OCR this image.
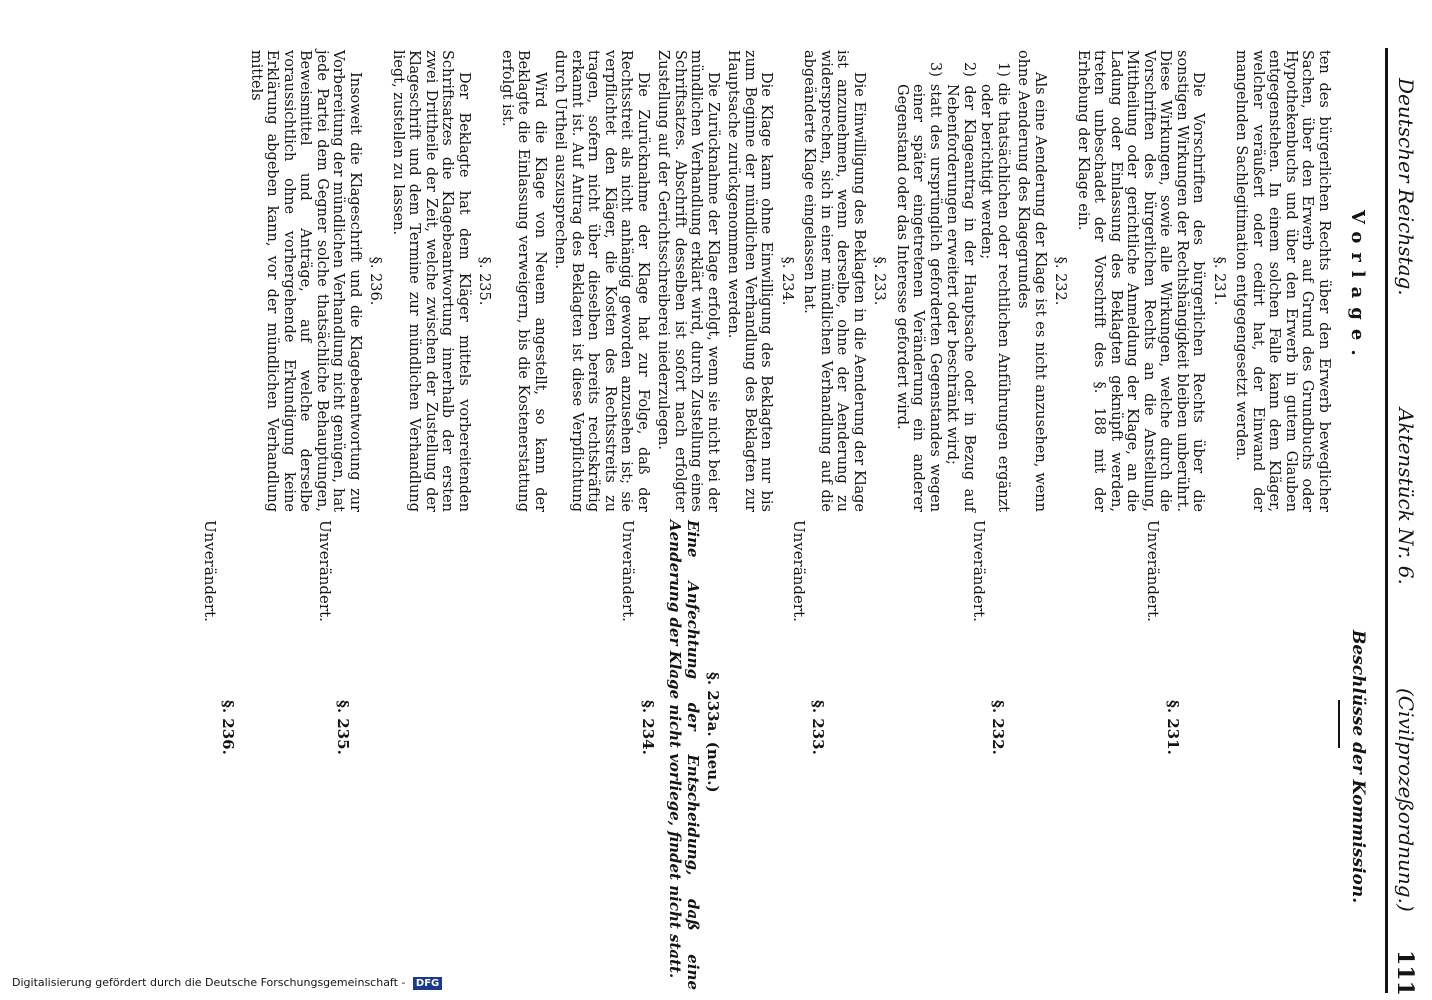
Deutscher Reichstag.
Aktenstück Nr. 6.
(Civilprozeßordnung.)
111
Vorlage.

ten des bürgerlichen Rechts über den Erwerb beweglicher Sachen, über den Erwerb auf Grund des Grundbuchs oder Hypothekenbuchs und über den Erwerb in gutem Glauben entgegenstehen. In einem solchen Falle kann dem Kläger, welcher veräußert oder cedirt hat, der Einwand der mangelnden Sachlegitimation entgegengesetzt werden.

§. 231.

Die Vorschriften des bürgerlichen Rechts über die sonstigen Wirkungen der Rechtshängigkeit bleiben unberührt. Diese Wirkungen, sowie alle Wirkungen, welche durch die Vorschriften des bürgerlichen Rechts an die Anstellung, Mittheilung oder gerichtliche Anmeldung der Klage, an die Ladung oder Einlassung des Beklagten geknüpft werden, treten unbeschadet der Vorschrift des §. 188 mit der Erhebung der Klage ein.

§. 232.

Als eine Aenderung der Klage ist es nicht anzusehen, wenn ohne Aenderung des Klagegrundes

1) die thatsächlichen oder rechtlichen Anführungen ergänzt oder berichtigt werden;

2) der Klageantrag in der Hauptsache oder in Bezug auf Nebenforderungen erweitert oder beschränkt wird;

3) statt des ursprünglich geforderten Gegenstandes wegen einer später eingetretenen Veränderung ein anderer Gegenstand oder das Interesse gefordert wird.

§. 233.

Die Einwilligung des Beklagten in die Aenderung der Klage ist anzunehmen, wenn derselbe, ohne der Aenderung zu widersprechen, sich in einer mündlichen Verhandlung auf die abgeänderte Klage eingelassen hat.

§. 234.

Die Klage kann ohne Einwilligung des Beklagten nur bis zum Beginne der mündlichen Verhandlung des Beklagten zur Hauptsache zurückgenommen werden.

Die Zurücknahme der Klage erfolgt, wenn sie nicht bei der mündlichen Verhandlung erklärt wird, durch Zustellung eines Schriftsatzes. Abschrift desselben ist sofort nach erfolgter Zustellung auf der Gerichtsschreiberei niederzulegen.

Die Zurücknahme der Klage hat zur Folge, daß der Rechtsstreit als nicht anhängig geworden anzusehen ist; sie verpflichtet den Kläger, die Kosten des Rechtsstreits zu tragen, sofern nicht über dieselben bereits rechtskräftig erkannt ist. Auf Antrag des Beklagten ist diese Verpflichtung durch Urtheil auszusprechen.

Wird die Klage von Neuem angestellt, so kann der Beklagte die Einlassung verweigern, bis die Kostenerstattung erfolgt ist.

§. 235.

Der Beklagte hat dem Kläger mittels vorbereitenden Schriftsatzes die Klagebeantwortung innerhalb der ersten zwei Drittheile der Zeit, welche zwischen der Zustellung der Klageschrift und dem Termine zur mündlichen Verhandlung liegt, zustellen zu lassen.

§. 236.

Insoweit die Klageschrift und die Klagebeantwortung zur Vorbereitung der mündlichen Verhandlung nicht genügen, hat jede Partei dem Gegner solche thatsächliche Behauptungen, Beweismittel und Anträge, auf welche derselbe voraussichtlich ohne vorhergehende Erkundigung keine Erklärung abgeben kann, vor der mündlichen Verhandlung mittels

Beschlüsse der Kommission.
§. 231.
Unverändert.
§. 232.
Unverändert.
§. 233.
Unverändert.
§. 233a. (neu.)
Eine Anfechtung der Entscheidung, daß eine Aenderung der Klage nicht vorliege, findet nicht statt.
§. 234.
Unverändert.
§. 235.
Unverändert.
§. 236.
Unverändert.
Digitalisierung gefördert durch die Deutsche Forschungsgemeinschaft - DFG
